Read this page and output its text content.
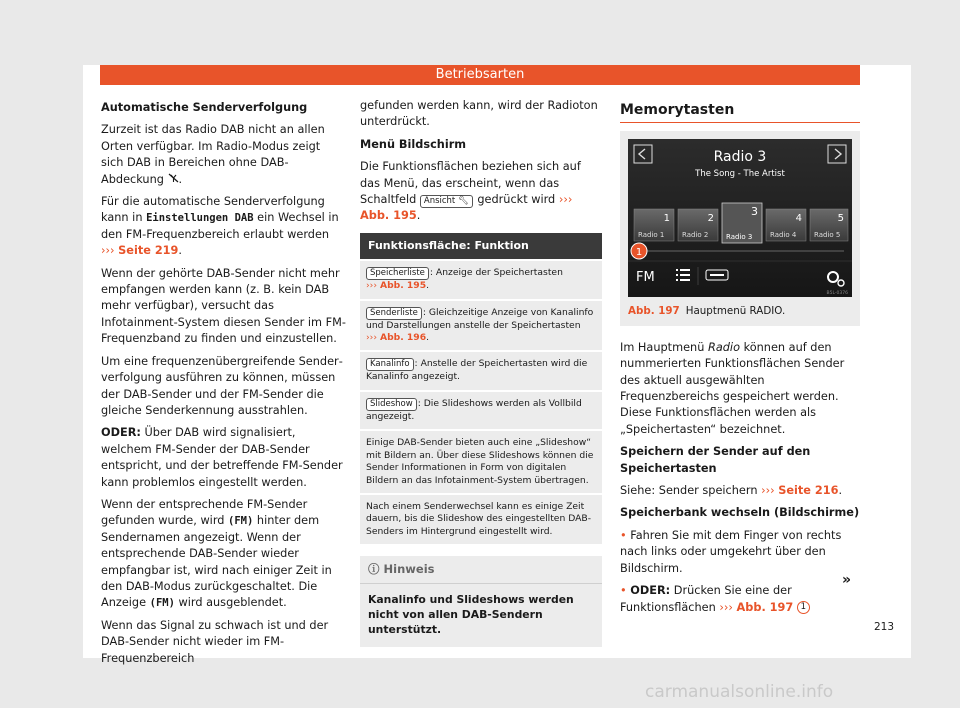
Betriebsarten

Automatische Senderverfolgung

Zurzeit ist das Radio DAB nicht an allen Orten verfügbar. Im Radio-Modus zeigt sich DAB in Bereichen ohne DAB-Abdeckung .

Für die automatische Senderverfolgung kann in Einstellungen DAB ein Wechsel in den FM-Frequenzbereich erlaubt werden ››› Seite 219.

Wenn der gehörte DAB-Sender nicht mehr empfangen werden kann (z. B. kein DAB mehr verfügbar), versucht das Infotainment-System diesen Sender im FM-Frequenzband zu finden und einzustellen.

Um eine frequenzenübergreifende Senderverfolgung ausführen zu können, müssen der DAB-Sender und der FM-Sender die gleiche Senderkennung ausstrahlen.

ODER: Über DAB wird signalisiert, welchem FM-Sender der DAB-Sender entspricht, und der betreffende FM-Sender kann problemlos eingestellt werden.

Wenn der entsprechende FM-Sender gefunden wurde, wird (FM) hinter dem Sendernamen angezeigt. Wenn der entsprechende DAB-Sender wieder empfangbar ist, wird nach einiger Zeit in den DAB-Modus zurückgeschaltet. Die Anzeige (FM) wird ausgeblendet.

Wenn das Signal zu schwach ist und der DAB-Sender nicht wieder im FM-Frequenzbereich

gefunden werden kann, wird der Radioton unterdrückt.

Menü Bildschirm

Die Funktionsflächen beziehen sich auf das Menü, das erscheint, wenn das Schaltfeld Ansicht 🔧︎ gedrückt wird ››› Abb. 195.

Funktionsfläche: Funktion
Speicherliste : Anzeige der Speichertasten
››› Abb. 195.
Senderliste : Gleichzeitige Anzeige von Kanalinfo und Darstellungen anstelle der Speichertasten
››› Abb. 196.
Kanalinfo : Anstelle der Speichertasten wird die Kanalinfo angezeigt.
Slideshow : Die Slideshows werden als Vollbild angezeigt.
Einige DAB-Sender bieten auch eine „Slideshow“ mit Bildern an. Über diese Slideshows können die Sender Informationen in Form von digitalen Bildern an das Infotainment-System übertragen.
Nach einem Senderwechsel kann es einige Zeit dauern, bis die Slideshow des eingestellten DAB-Senders im Hintergrund eingestellt wird.
ⓘ Hinweis
Kanalinfo und Slideshows werden nicht von allen DAB-Sendern unterstützt.
Memorytasten
Radio 3
The Song - The Artist
1
Radio 1
2
Radio 2
3
Radio 3
4
Radio 4
5
Radio 5
1
FM
B5L-0376
Abb. 197 Hauptmenü RADIO.

Im Hauptmenü Radio können auf den nummerierten Funktionsflächen Sender des aktuell ausgewählten Frequenzbereichs gespeichert werden. Diese Funktionsflächen werden als „Speichertasten“ bezeichnet.

Speichern der Sender auf den Speichertasten

Siehe: Sender speichern ››› Seite 216.

Speicherbank wechseln (Bildschirme)

• Fahren Sie mit dem Finger von rechts nach links oder umgekehrt über den Bildschirm.

• ODER: Drücken Sie eine der Funktionsflächen ››› Abb. 197 1

»
213
carmanualsonline.info
